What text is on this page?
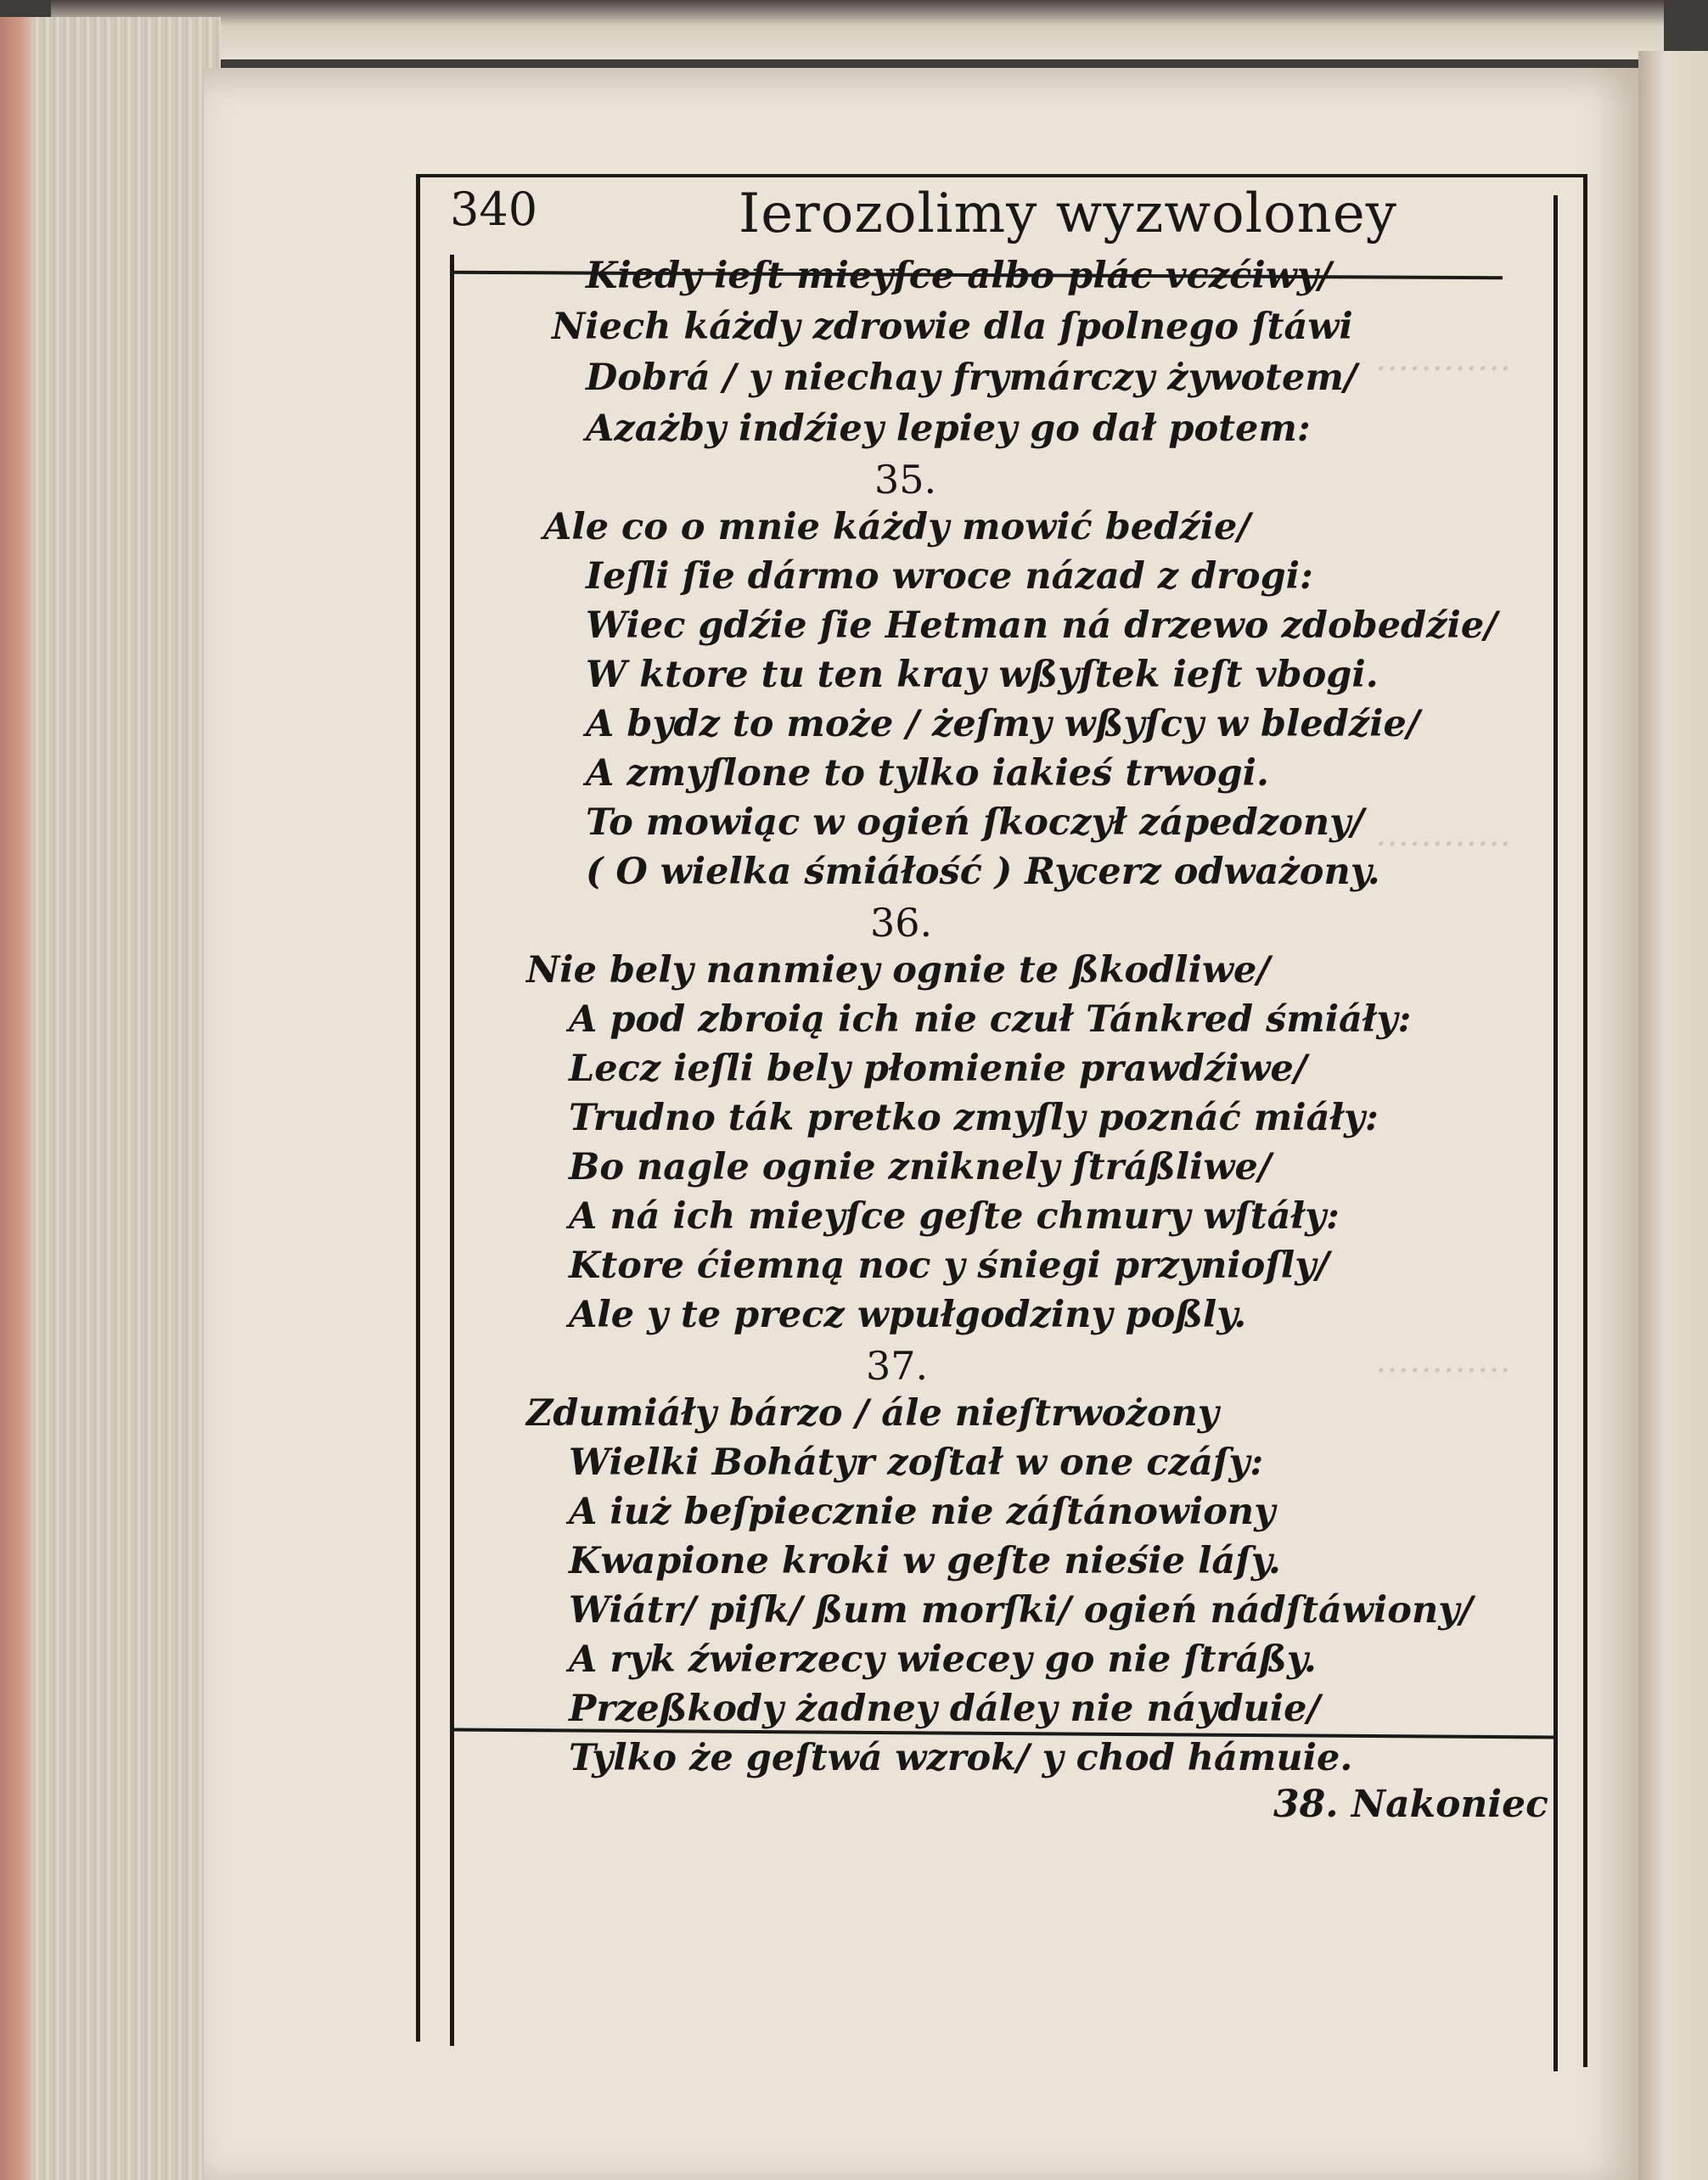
…………
…………
…………
340	Ierozolimy wyzwoloney
Kiedy ieſt mieyſce albo plác vczćiwy/
Niech káżdy zdrowie dla ſpolnego ſtáwi
Dobrá / y niechay frymárczy żywotem/
Azażby indźiey lepiey go dał potem:
35.
Ale co o mnie káżdy mowić bedźie/
Ieſli ſie dármo wroce názad z drogi:
Wiec gdźie ſie Hetman ná drzewo zdobedźie/
W ktore tu ten kray wßyſtek ieſt vbogi.
A bydz to może / żeſmy wßyſcy w bledźie/
A zmyſlone to tylko iakieś trwogi.
To mowiąc w ogień ſkoczył zápedzony/
( O wielka śmiáłość ) Rycerz odważony.
36.
Nie bely nanmiey ognie te ßkodliwe/
A pod zbroią ich nie czuł Tánkred śmiáły:
Lecz ieſli bely płomienie prawdźiwe/
Trudno ták pretko zmyſly poznáć miáły:
Bo nagle ognie zniknely ſtráßliwe/
A ná ich mieyſce geſte chmury wſtáły:
Ktore ćiemną noc y śniegi przynioſly/
Ale y te precz wpułgodziny poßly.
37.
Zdumiáły bárzo / ále nieſtrwożony
Wielki Bohátyr zoſtał w one czáſy:
A iuż beſpiecznie nie záſtánowiony
Kwapione kroki w geſte nieśie láſy.
Wiátr/ piſk/ ßum morſki/ ogień nádſtáwiony/
A ryk źwierzecy wiecey go nie ſtráßy.
Przeßkody żadney dáley nie náyduie/
Tylko że geſtwá wzrok/ y chod hámuie.
38. Nakoniec
